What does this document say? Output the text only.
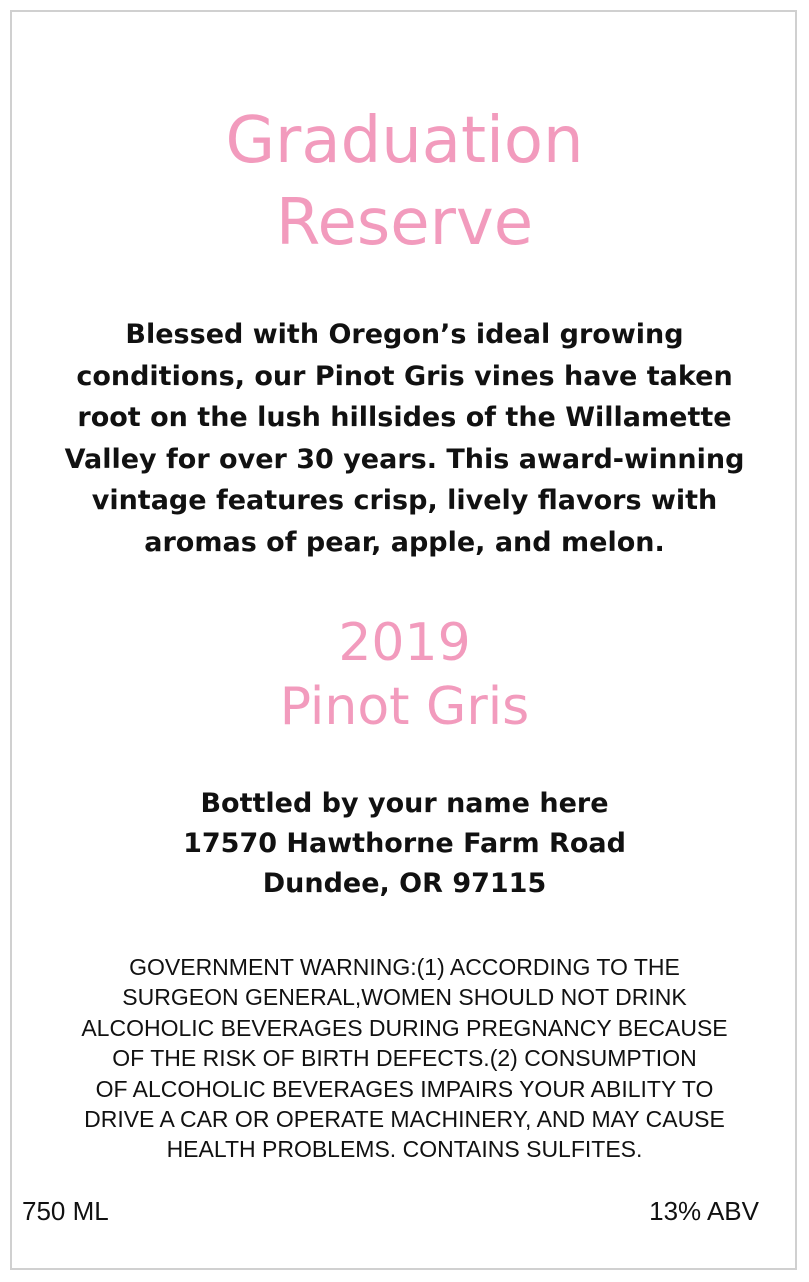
Graduation
Reserve

Blessed with Oregon’s ideal growing
conditions, our Pinot Gris vines have taken
root on the lush hillsides of the Willamette
Valley for over 30 years. This award-winning
vintage features crisp, lively flavors with
aromas of pear, apple, and melon.

2019
Pinot Gris

Bottled by your name here
17570 Hawthorne Farm Road
Dundee, OR 97115

GOVERNMENT WARNING:(1) ACCORDING TO THE
SURGEON GENERAL,WOMEN SHOULD NOT DRINK
ALCOHOLIC BEVERAGES DURING PREGNANCY BECAUSE
OF THE RISK OF BIRTH DEFECTS.(2) CONSUMPTION
OF ALCOHOLIC BEVERAGES IMPAIRS YOUR ABILITY TO
DRIVE A CAR OR OPERATE MACHINERY, AND MAY CAUSE
HEALTH PROBLEMS. CONTAINS SULFITES.

750 ML	13% ABV
